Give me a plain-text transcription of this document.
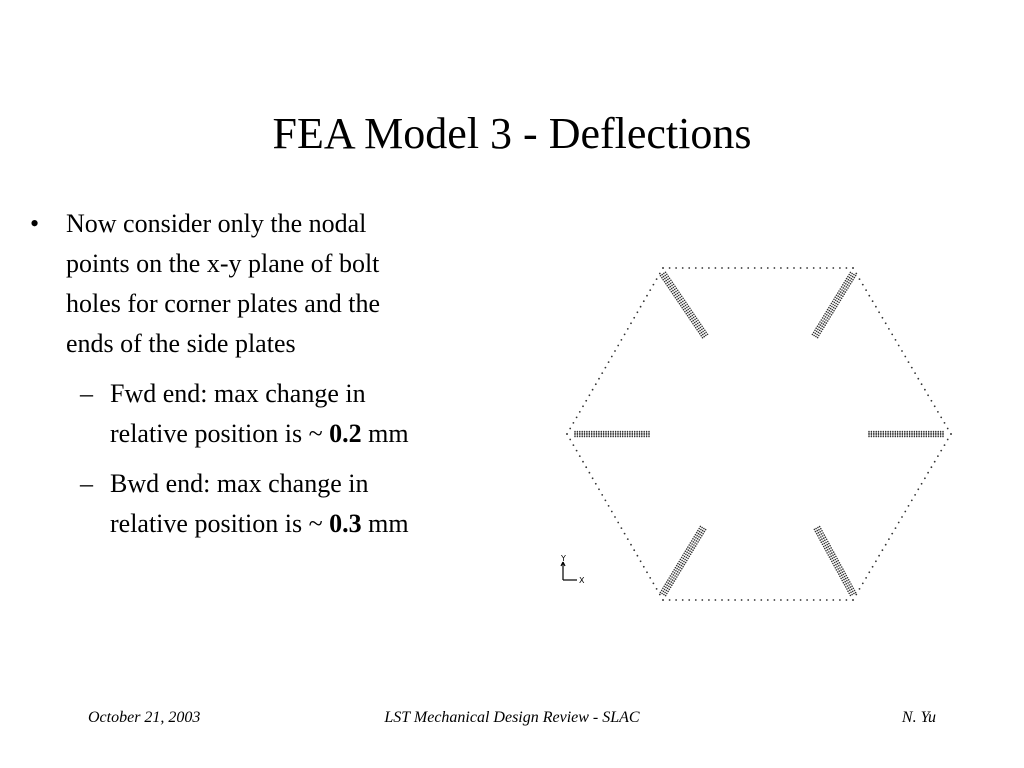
FEA Model 3 - Deflections
• Now consider only the nodal
points on the x-y plane of bolt
holes for corner plates and the
ends of the side plates
– Fwd end: max change in
relative position is ~ 0.2 mm
– Bwd end: max change in
relative position is ~ 0.3 mm
Y
X
October 21, 2003	LST Mechanical Design Review - SLAC	N. Yu
